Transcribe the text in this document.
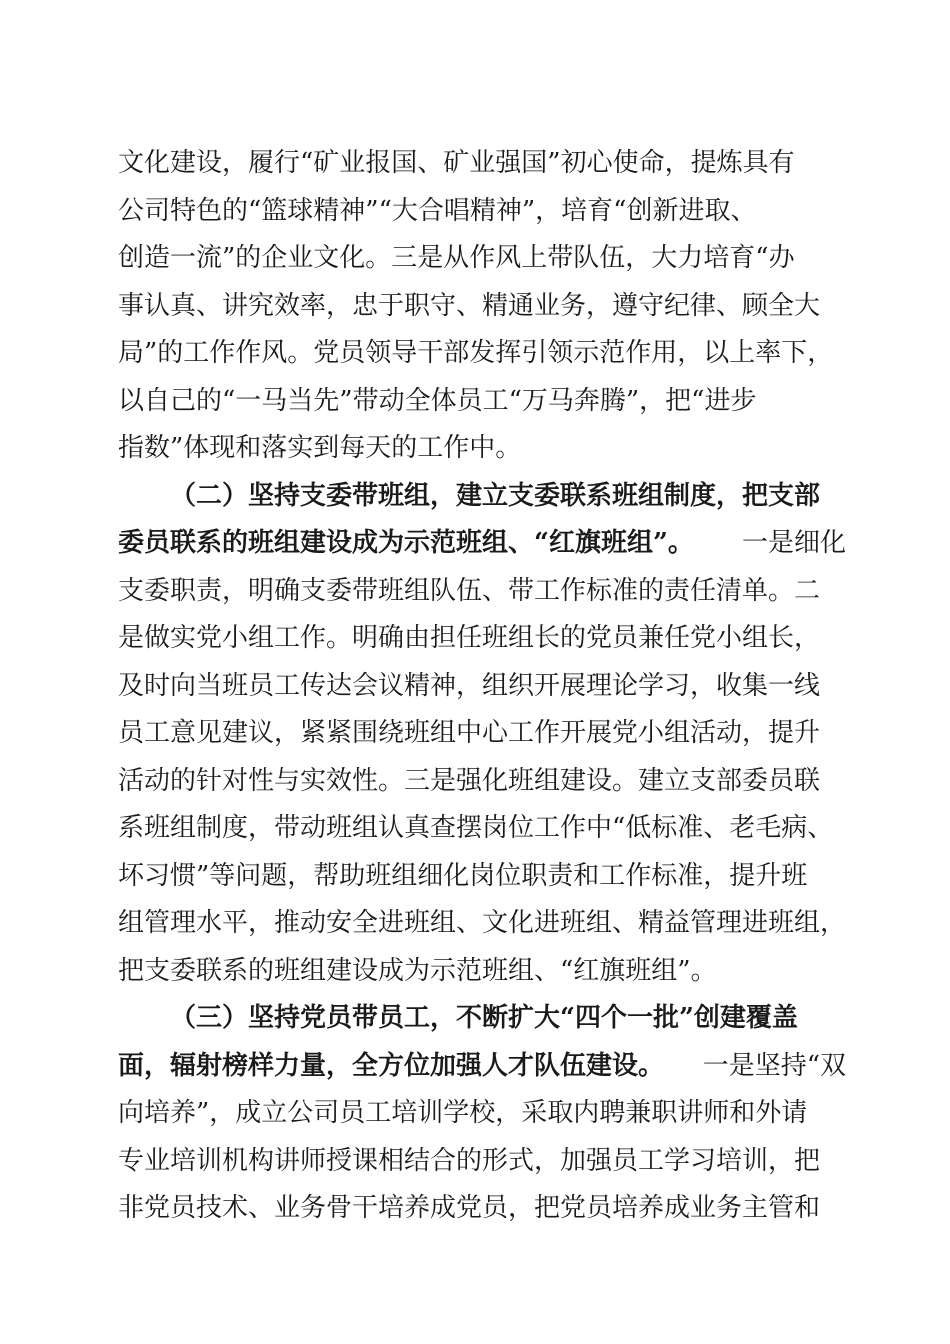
文化建设，履行“矿业报国、矿业强国”初心使命，提炼具有
公司特色的“篮球精神”“大合唱精神”，培育“创新进取、
创造一流”的企业文化。三是从作风上带队伍，大力培育“办
事认真、讲究效率，忠于职守、精通业务，遵守纪律、顾全大
局”的工作作风。党员领导干部发挥引领示范作用，以上率下，
以自己的“一马当先”带动全体员工“万马奔腾”，把“进步
指数”体现和落实到每天的工作中。
（二）坚持支委带班组，建立支委联系班组制度，把支部
委员联系的班组建设成为示范班组、“红旗班组”。 一是细化
支委职责，明确支委带班组队伍、带工作标准的责任清单。二
是做实党小组工作。明确由担任班组长的党员兼任党小组长，
及时向当班员工传达会议精神，组织开展理论学习，收集一线
员工意见建议，紧紧围绕班组中心工作开展党小组活动，提升
活动的针对性与实效性。三是强化班组建设。建立支部委员联
系班组制度，带动班组认真查摆岗位工作中“低标准、老毛病、
坏习惯”等问题，帮助班组细化岗位职责和工作标准，提升班
组管理水平，推动安全进班组、文化进班组、精益管理进班组，
把支委联系的班组建设成为示范班组、“红旗班组”。
（三）坚持党员带员工，不断扩大“四个一批”创建覆盖
面，辐射榜样力量，全方位加强人才队伍建设。 一是坚持“双
向培养”，成立公司员工培训学校，采取内聘兼职讲师和外请
专业培训机构讲师授课相结合的形式，加强员工学习培训，把
非党员技术、业务骨干培养成党员，把党员培养成业务主管和
